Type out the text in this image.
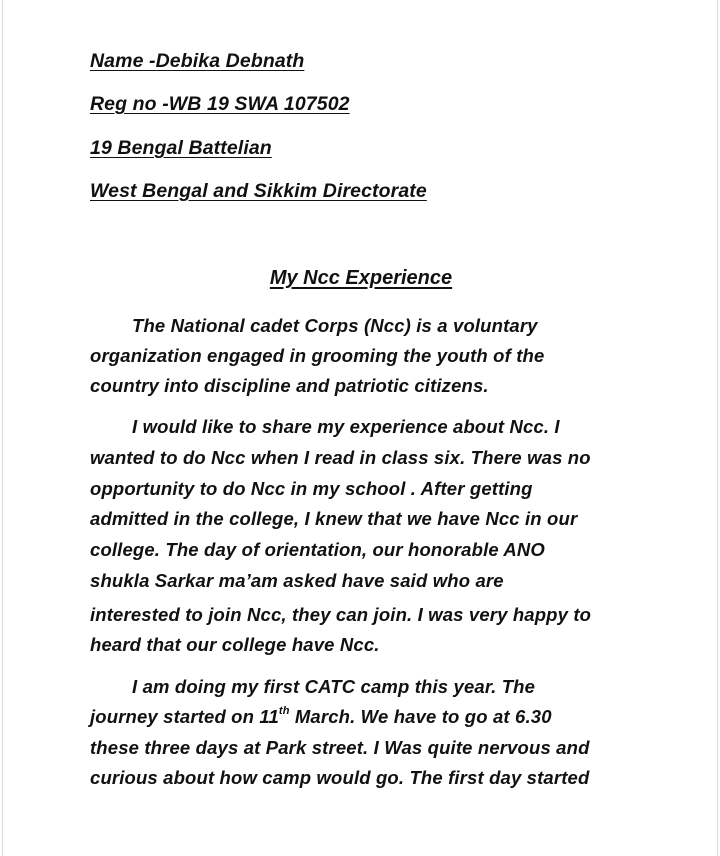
Name -Debika Debnath
Reg no -WB 19 SWA 107502
19 Bengal Battelian
West Bengal and Sikkim Directorate
My Ncc Experience
The National cadet Corps (Ncc) is a voluntary
organization engaged in grooming the youth of the
country into discipline and patriotic citizens.
I would like to share my experience about Ncc. I
wanted to do Ncc when I read in class six. There was no
opportunity to do Ncc in my school . After getting
admitted in the college, I knew that we have Ncc in our
college. The day of orientation, our honorable ANO
shukla Sarkar ma’am asked have said who are
interested to join Ncc, they can join. I was very happy to
heard that our college have Ncc.
I am doing my first CATC camp this year. The
journey started on 11th March. We have to go at 6.30
these three days at Park street. I Was quite nervous and
curious about how camp would go. The first day started
